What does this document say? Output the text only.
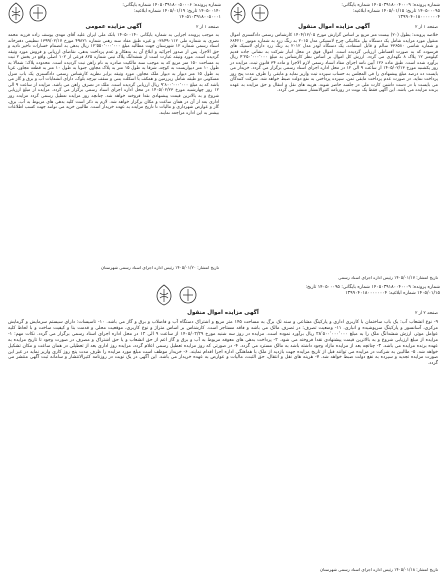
شماره پرونده: ۱۴۰۵۰۳۹۱۸۰۰۵۰۰۰۶ شماره بایگانی: ۱۴۰۵۰۰۱۴۰ تاریخ: ۱۴۰۵/۰۱/۱۹ شماره ابلاغیه: ۱۴۰۵۱۰۳۹۱۸۰۰۵۰۰۰۱
آگهی مزایده عمومی	صفحه ۱ از ۲
به موجب پرونده اجرایی به شماره بایگانی ۱۴۰۵۰۰۱۴۰ بانک ملی ایران علیه آقای مهدی یوسف زاده فرزند محمد نصری به شماره ملی ۰۳۸۴۹۰۱۱۲ و غیره طبق مفاد سند رهنی شماره ۴۹۸۲۱ مورخ ۱۳۹۹/۰۲/۱۷ تنظیمی دفترخانه اسناد رسمی شماره ۱۲ شهرستان جهت مطالبه مبلغ ۱۲٬۵۵۰٬۰۰۰٬۰۰۰ ریال بدهی به انضمام خسارات تاخیر تادیه و حق الاجرا، پس از صدور اجرائیه و ابلاغ آن به بدهکار و عدم پرداخت بدهی، تقاضای ارزیابی و فروش مورد وثیقه گردیده است. مورد وثیقه عبارت است از ششدانگ پلاک ثبتی شماره ۸۲۵ فرعی از ۱۰۲ اصلی واقع در بخش ۲ ثبت به مساحت ۱۵۰ متر مربع که به موجب سند مالکیت صادره به نام راهن ثبت گردیده است. محدوده پلاک: شمالا به طول ۱۰ متر دیواریست به کوچه، شرقا به طول ۱۵ متر به پلاک مجاور، جنوبا به طول ۱۰ متر به قطعه مجاور، غربا به طول ۱۵ متر دیوار به دیوار ملک مجاور. مورد وثیقه برابر نظریه کارشناس رسمی دادگستری یک باب منزل مسکونی دو طبقه شامل زیرزمین و همکف با اسکلت بتنی و سقف تیرچه بلوک، دارای انشعابات آب و برق و گاز می باشد که به مبلغ ۹٬۸۰۰٬۰۰۰٬۰۰۰ ریال ارزیابی گردیده است. ملک در تصرف راهن می باشد. مزایده از ساعت ۹ الی ۱۲ روز چهارشنبه مورخ ۱۴۰۵/۰۲/۲۳ در محل اداره اجرای اسناد رسمی برگزار می گردد. مزایده از مبلغ ارزیابی شروع و به بالاترین قیمت پیشنهادی نقدا فروخته خواهد شد. چنانچه روز مزایده تعطیل رسمی گردد مزایده روز اداری بعد از آن در همان ساعت و مکان برگزار خواهد شد. لازم به ذکر است کلیه بدهی های مربوط به آب، برق، گاز و عوارض شهرداری و مالیات تا تاریخ مزایده به عهده خریدار است. طالبین خرید می توانند جهت کسب اطلاعات بیشتر به این اداره مراجعه نمایند.
تاریخ انتشار: ۱۴۰۵/۰۱/۲۰ رئیس اداره اجرای اسناد رسمی شهرستان
شماره پرونده: ۱۴۰۵۰۳۹۱۸۰۰۴۰۰۰۹ شماره بایگانی: ۱۴۰۵۰۰۰۹۵ تاریخ: ۱۴۰۵/۰۱/۱۵ شماره ابلاغیه: ۱۳۹۹۰۴۰۱۸۰۰۰۰۰۰۰۴
آگهی مزایده اموال منقول	صفحه ۱ از ۲
خلاصه پرونده: بطول (۲۰) بیست متر مربع بر اساس گزارش مورخ ۱۴۰۴/۱۲/۰۵ کارشناس رسمی دادگستری اموال منقول مورد مزایده شامل یک دستگاه بیل مکانیکی چرخ لاستیکی مدل ۲۰۱۵ به رنگ زرد به شماره موتور ۶۸۴۲۱۰ و شماره شاسی ۳۳۶۵۸۰ سالم و قابل استفاده، یک دستگاه لودر مدل ۲۰۱۲ به رنگ زرد دارای لاستیک های فرسوده که به صورت اقساطی ارزیابی گردیده است. اموال فوق در محل انبار شرکت به نشانی جاده قدیم کیلومتر ۱۲ پلاک ۸ نگهداری می گردد. ارزش کل اموال بر اساس نظر کارشناس به مبلغ ۴٬۲۵۰٬۰۰۰٬۰۰۰ ریال برآورد شده است. طبق ماده ۱۲۶ آیین نامه اجرای مفاد اسناد رسمی لازم الاجرا و ماده ۳۴ قانون ثبت، مزایده در روز یکشنبه مورخ ۱۴۰۵/۰۲/۱۳ از ساعت ۹ الی ۱۲ در محل اداره اجرای اسناد رسمی برگزار می گردد. خریدار می بایست ده درصد مبلغ پیشنهادی را فی المجلس به حساب سپرده ثبت واریز نماید و مابقی را ظرف مدت پنج روز پرداخت نماید. در صورت عدم پرداخت مابقی ثمن، سپرده پرداختی به نفع دولت ضبط خواهد شد. شرکت کنندگان می بایست با در دست داشتن کارت ملی در جلسه حاضر شوند. هزینه های نقل و انتقال و حق مزایده به عهده برنده مزایده می باشد. این آگهی فقط یک نوبت در روزنامه کثیرالانتشار منتشر می گردد.
تاریخ انتشار: ۱۴۰۵/۰۱/۱۷ رئیس اداره اجرای اسناد رسمی
شماره پرونده: ۱۴۰۵۰۳۹۱۸۰۰۴۰۰۰۹ شماره بایگانی: ۱۴۰۵۰۰۰۹۵ تاریخ: ۱۴۰۵/۰۱/۱۵ شماره ابلاغیه: ۱۳۹۹۰۴۰۱۸۰۰۰۰۰۰۰۴
آگهی مزایده اموال منقول	صفحه ۲ از ۲
۹- نوع انشعاب آب: یک باب ساختمان با کاربری اداری و پارکینگ مشاعی و سند تک برگ به مساحت ۱۴۵ متر مربع و اشتراک دستگاه آب و فاضلاب و برق و گاز می باشد. ۱۰- تاسیسات: دارای سیستم سرمایش و گرمایش مرکزی، آسانسور و پارکینگ سرپوشیده و انباری. ۱۱- وضعیت تصرف: در تصرف مالک می باشد و فاقد مستاجر است. کارشناس بر اساس متراژ و نوع کاربری، موقعیت محلی و قدمت بنا و کیفیت ساخت و با لحاظ کلیه عوامل موثر، ارزش ششدانگ ملک را به مبلغ ۲۸٬۵۰۰٬۰۰۰٬۰۰۰ ریال برآورد نموده است. مزایده در روز سه شنبه مورخ ۱۴۰۵/۰۲/۲۹ از ساعت ۹ الی ۱۲ در محل اداره اجرای اسناد رسمی برگزار می گردد. نکات مهم: ۱- مزایده از مبلغ ارزیابی شروع و به بالاترین قیمت پیشنهادی نقدا فروخته می شود. ۲- پرداخت بدهی های معوقه مربوط به آب و برق و گاز اعم از حق انشعاب و یا حق اشتراک و مصرف در صورت وجود تا تاریخ مزایده به عهده برنده مزایده می باشد. ۳- چنانچه بعد از مزایده مازاد وجود داشته باشد به مالک مسترد می گردد. ۴- در صورتی که روز مزایده تعطیل رسمی اعلام گردد، مزایده روز اداری بعد از تعطیلی در همان ساعت و مکان تشکیل خواهد شد. ۵- طالبین به شرکت در مزایده می توانند قبل از تاریخ مزایده جهت بازدید از ملک با هماهنگی اداره اجرا اقدام نمایند. ۶- خریدار موظف است مبلغ مورد مزایده را ظرف مدت پنج روز کاری واریز نماید در غیر این صورت مزایده تجدید و سپرده به نفع دولت ضبط خواهد شد. ۷- هزینه های نقل و انتقال، حق الثبت، مالیات و عوارض به عهده خریدار می باشد. این آگهی در یک نوبت در روزنامه کثیرالانتشار و سامانه ثبت آگهی منتشر می گردد.
تاریخ انتشار: ۱۴۰۵/۰۱/۱۸ رئیس اداره اجرای اسناد رسمی شهرستان
